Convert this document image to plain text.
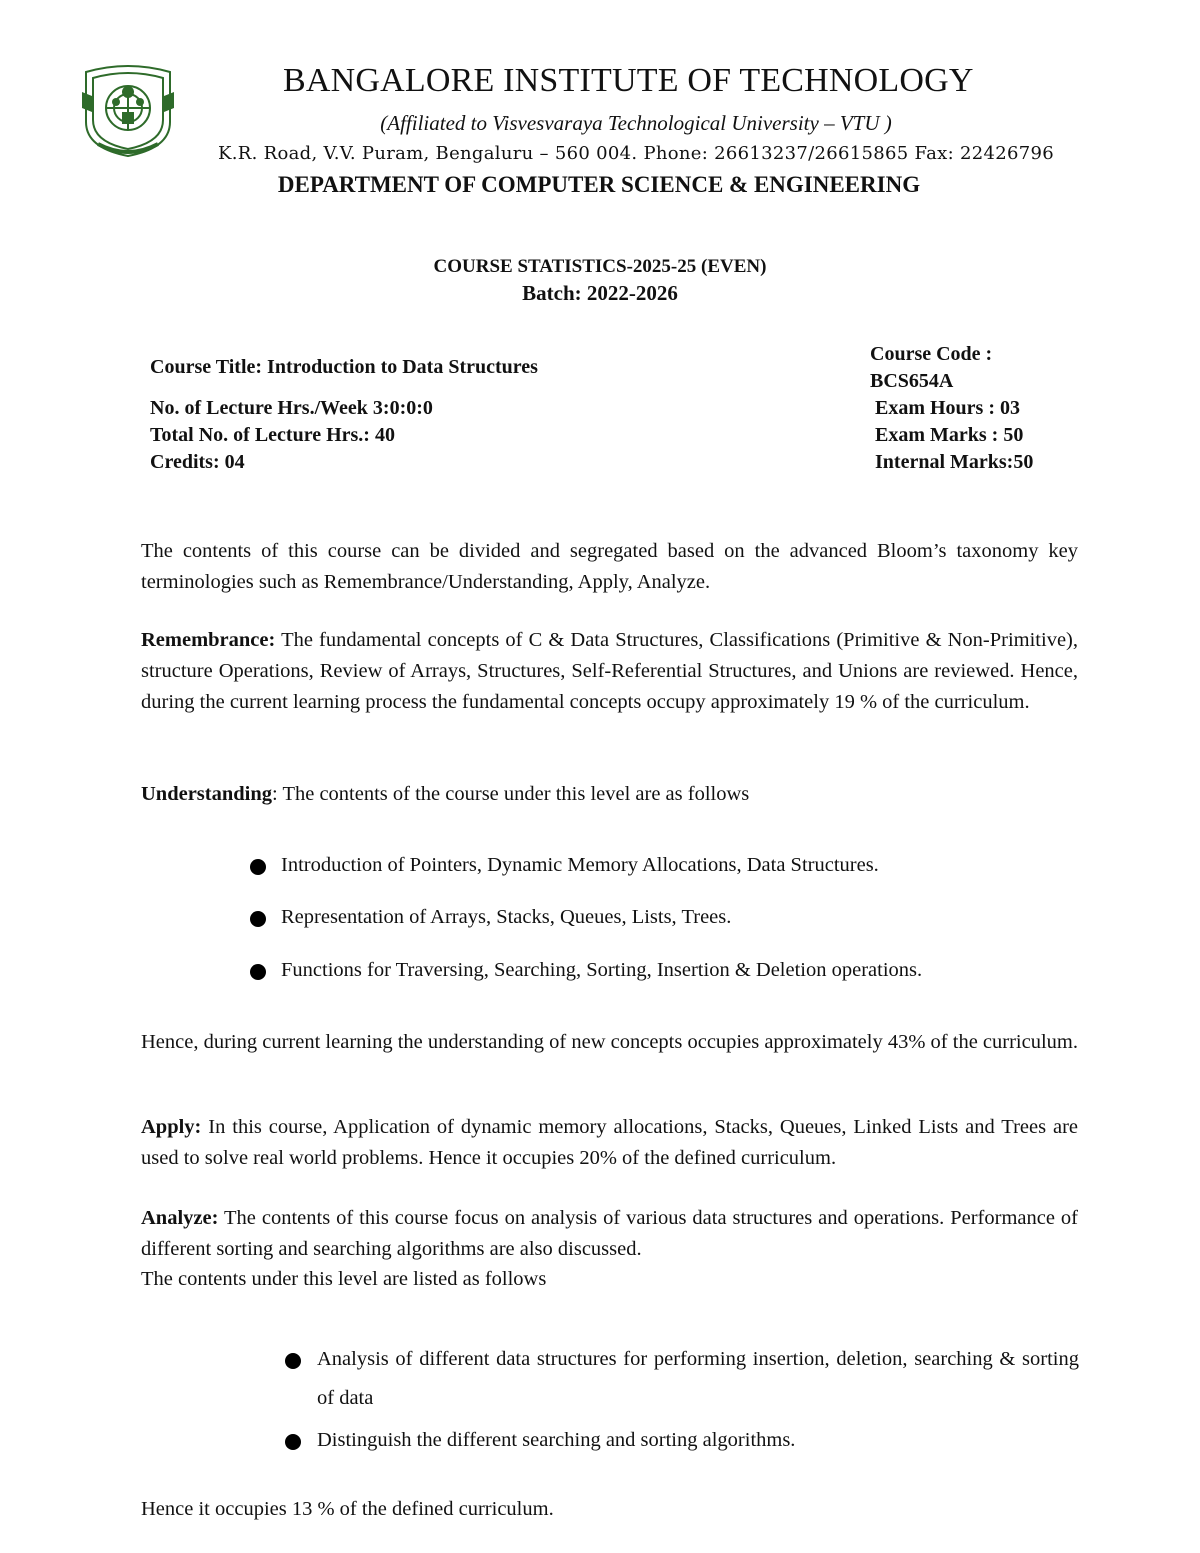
BANGALORE INSTITUTE OF TECHNOLOGY
(Affiliated to Visvesvaraya Technological University – VTU )
K.R. Road, V.V. Puram, Bengaluru – 560 004. Phone: 26613237/26615865 Fax: 22426796
DEPARTMENT OF COMPUTER SCIENCE & ENGINEERING
COURSE STATISTICS-2025-25 (EVEN)
Batch: 2022-2026
Course Title: Introduction to Data Structures
No. of Lecture Hrs./Week 3:0:0:0
Total No. of Lecture Hrs.: 40
Credits: 04
Course Code :
BCS654A
Exam Hours : 03
Exam Marks : 50
Internal Marks:50
The contents of this course can be divided and segregated based on the advanced Bloom’s taxonomy key terminologies such as Remembrance/Understanding, Apply, Analyze.
Remembrance: The fundamental concepts of C & Data Structures, Classifications (Primitive & Non-Primitive), structure Operations, Review of Arrays, Structures, Self-Referential Structures, and Unions are reviewed. Hence, during the current learning process the fundamental concepts occupy approximately 19 % of the curriculum.
Understanding: The contents of the course under this level are as follows
Introduction of Pointers, Dynamic Memory Allocations, Data Structures.
Representation of Arrays, Stacks, Queues, Lists, Trees.
Functions for Traversing, Searching, Sorting, Insertion & Deletion operations.
Hence, during current learning the understanding of new concepts occupies approximately 43% of the curriculum.
Apply: In this course, Application of dynamic memory allocations, Stacks, Queues, Linked Lists and Trees are used to solve real world problems. Hence it occupies 20% of the defined curriculum.
Analyze: The contents of this course focus on analysis of various data structures and operations. Performance of different sorting and searching algorithms are also discussed.
The contents under this level are listed as follows
Analysis of different data structures for performing insertion, deletion, searching & sorting of data
Distinguish the different searching and sorting algorithms.
Hence it occupies 13 % of the defined curriculum.
